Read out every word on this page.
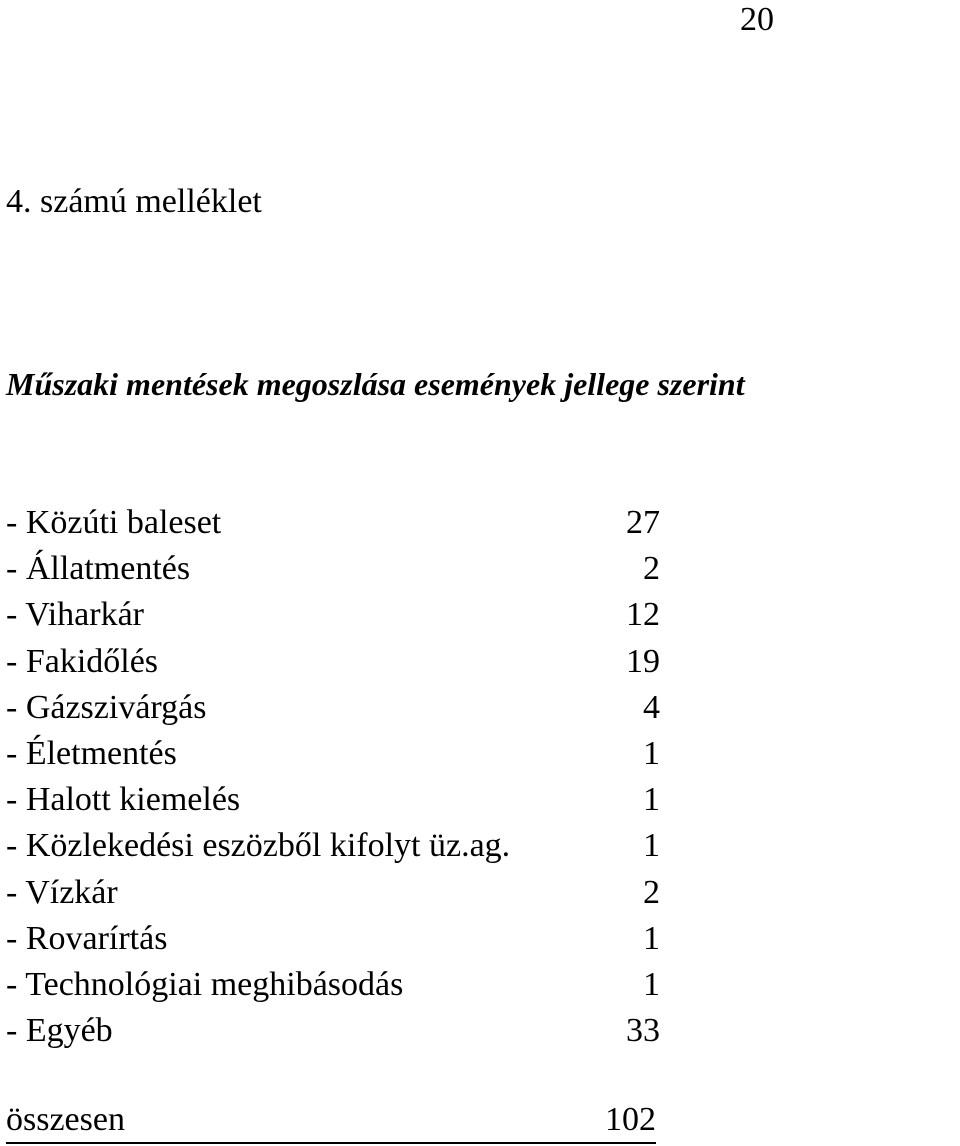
20
4. számú melléklet
Műszaki mentések megoszlása események jellege szerint
- Közúti baleset	27
- Állatmentés	2
- Viharkár	12
- Fakidőlés	19
- Gázszivárgás	4
- Életmentés	1
- Halott kiemelés	1
- Közlekedési eszözből kifolyt üz.ag.	1
- Vízkár	2
- Rovarírtás	1
- Technológiai meghibásodás	1
- Egyéb	33
összesen	102
